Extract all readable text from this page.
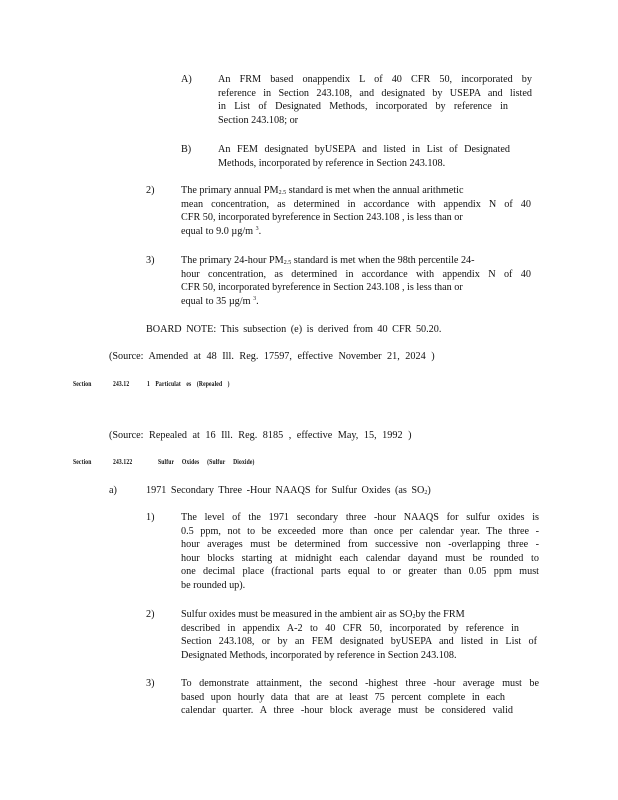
A)	An FRM based onappendix L of 40 CFR 50, incorporated by
reference in Section 243.108, and designated by USEPA and listed
in List of Designated Methods, incorporated by reference in
Section 243.108; or
B)	An FEM designated byUSEPA and listed in List of Designated
Methods, incorporated by reference in Section 243.108.
2)	The primary annual $PM_{2.5}$ standard is met when the annual arithmetic
mean concentration, as determined in accordance with appendix N of 40
CFR 50, incorporated byreference in Section 243.108 , is less than or
equal to 9.0 µg/m $^3$.
3)	The primary 24-hour $PM_{2.5}$ standard is met when the 98th percentile 24-
hour concentration, as determined in accordance with appendix N of 40
CFR 50, incorporated byreference in Section 243.108 , is less than or
equal to 35 µg/m $^3$.
BOARD NOTE: This subsection (e) is derived from 40 CFR 50.20.
(Source: Amended at 48 Ill. Reg. 17597, effective November 21, 2024 )
Section	243.12 1 Particulat es (Repealed )
(Source: Repealed at 16 Ill. Reg. 8185 , effective May, 15, 1992 )
Section	243.122	Sulfur Oxides (Sulfur Dioxide)
a)	1971 Secondary Three -Hour NAAQS for Sulfur Oxides (as $SO_2$)
1)	The level of the 1971 secondary three -hour NAAQS for sulfur oxides is
0.5 ppm, not to be exceeded more than once per calendar year. The three -
hour averages must be determined from successive non -overlapping three -
hour blocks starting at midnight each calendar dayand must be rounded to
one decimal place (fractional parts equal to or greater than 0.05 ppm must
be rounded up).
2)	Sulfur oxides must be measured in the ambient air as $SO_2by$ the FRM
described in appendix A-2 to 40 CFR 50, incorporated by reference in
Section 243.108, or by an FEM designated byUSEPA and listed in List of
Designated Methods, incorporated by reference in Section 243.108.
3)	To demonstrate attainment, the second -highest three -hour average must be
based upon hourly data that are at least 75 percent complete in each
calendar quarter. A three -hour block average must be considered valid
